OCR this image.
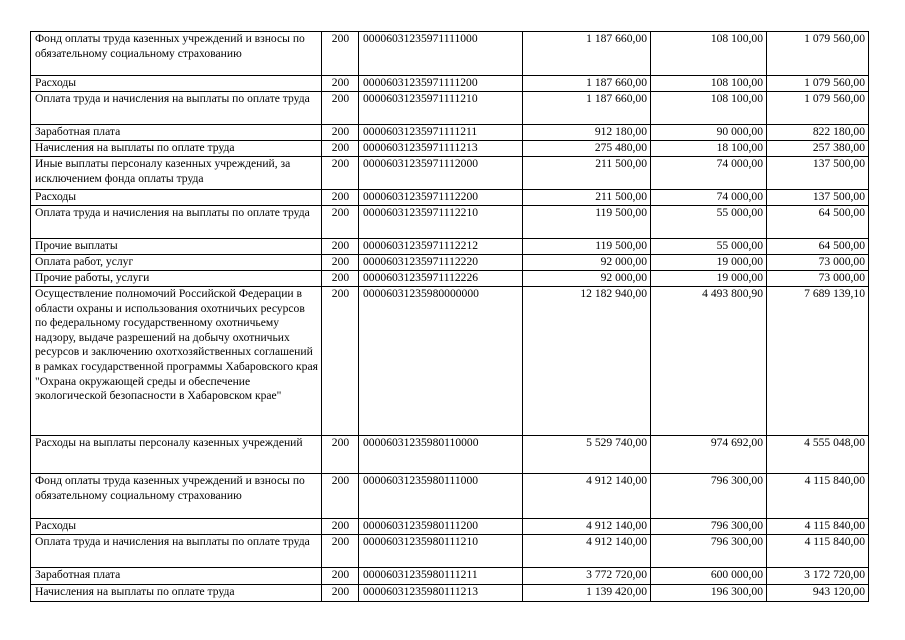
Фонд оплаты труда казенных учреждений и взносы по обязательному социальному страхованию	200	00006031235971111000	1 187 660,00	108 100,00	1 079 560,00
Расходы	200	00006031235971111200	1 187 660,00	108 100,00	1 079 560,00
Оплата труда и начисления на выплаты по оплате труда	200	00006031235971111210	1 187 660,00	108 100,00	1 079 560,00
Заработная плата	200	00006031235971111211	912 180,00	90 000,00	822 180,00
Начисления на выплаты по оплате труда	200	00006031235971111213	275 480,00	18 100,00	257 380,00
Иные выплаты персоналу казенных учреждений, за исключением фонда оплаты труда	200	00006031235971112000	211 500,00	74 000,00	137 500,00
Расходы	200	00006031235971112200	211 500,00	74 000,00	137 500,00
Оплата труда и начисления на выплаты по оплате труда	200	00006031235971112210	119 500,00	55 000,00	64 500,00
Прочие выплаты	200	00006031235971112212	119 500,00	55 000,00	64 500,00
Оплата работ, услуг	200	00006031235971112220	92 000,00	19 000,00	73 000,00
Прочие работы, услуги	200	00006031235971112226	92 000,00	19 000,00	73 000,00
Осуществление полномочий Российской Федерации в области охраны и использования охотничьих ресурсов по федеральному государственному охотничьему надзору, выдаче разрешений на добычу охотничьих ресурсов и заключению охотхозяйственных соглашений в рамках государственной программы Хабаровского края "Охрана окружающей среды и обеспечение экологической безопасности в Хабаровском крае"	200	00006031235980000000	12 182 940,00	4 493 800,90	7 689 139,10
Расходы на выплаты персоналу казенных учреждений	200	00006031235980110000	5 529 740,00	974 692,00	4 555 048,00
Фонд оплаты труда казенных учреждений и взносы по обязательному социальному страхованию	200	00006031235980111000	4 912 140,00	796 300,00	4 115 840,00
Расходы	200	00006031235980111200	4 912 140,00	796 300,00	4 115 840,00
Оплата труда и начисления на выплаты по оплате труда	200	00006031235980111210	4 912 140,00	796 300,00	4 115 840,00
Заработная плата	200	00006031235980111211	3 772 720,00	600 000,00	3 172 720,00
Начисления на выплаты по оплате труда	200	00006031235980111213	1 139 420,00	196 300,00	943 120,00
